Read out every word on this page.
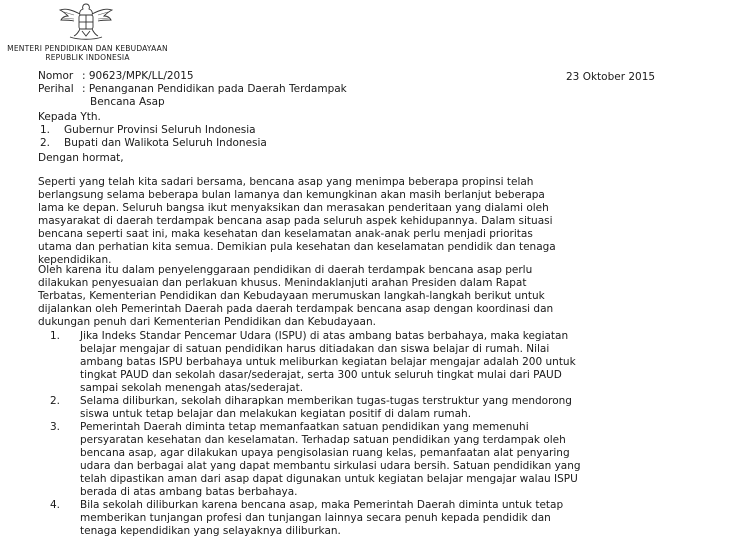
MENTERI PENDIDIKAN DAN KEBUDAYAAN
REPUBLIK INDONESIA
Nomor : 90623/MPK/LL/2015
Perihal : Penanganan Pendidikan pada Daerah Terdampak
Bencana Asap
23 Oktober 2015
Kepada Yth.
1. Gubernur Provinsi Seluruh Indonesia
2. Bupati dan Walikota Seluruh Indonesia
Dengan hormat,
Seperti yang telah kita sadari bersama, bencana asap yang menimpa beberapa propinsi telah
berlangsung selama beberapa bulan lamanya dan kemungkinan akan masih berlanjut beberapa
lama ke depan. Seluruh bangsa ikut menyaksikan dan merasakan penderitaan yang dialami oleh
masyarakat di daerah terdampak bencana asap pada seluruh aspek kehidupannya. Dalam situasi
bencana seperti saat ini, maka kesehatan dan keselamatan anak-anak perlu menjadi prioritas
utama dan perhatian kita semua. Demikian pula kesehatan dan keselamatan pendidik dan tenaga
kependidikan.
Oleh karena itu dalam penyelenggaraan pendidikan di daerah terdampak bencana asap perlu
dilakukan penyesuaian dan perlakuan khusus. Menindaklanjuti arahan Presiden dalam Rapat
Terbatas, Kementerian Pendidikan dan Kebudayaan merumuskan langkah-langkah berikut untuk
dijalankan oleh Pemerintah Daerah pada daerah terdampak bencana asap dengan koordinasi dan
dukungan penuh dari Kementerian Pendidikan dan Kebudayaan.
1. Jika Indeks Standar Pencemar Udara (ISPU) di atas ambang batas berbahaya, maka kegiatan
belajar mengajar di satuan pendidikan harus ditiadakan dan siswa belajar di rumah. Nilai
ambang batas ISPU berbahaya untuk meliburkan kegiatan belajar mengajar adalah 200 untuk
tingkat PAUD dan sekolah dasar/sederajat, serta 300 untuk seluruh tingkat mulai dari PAUD
sampai sekolah menengah atas/sederajat.
2. Selama diliburkan, sekolah diharapkan memberikan tugas-tugas terstruktur yang mendorong
siswa untuk tetap belajar dan melakukan kegiatan positif di dalam rumah.
3. Pemerintah Daerah diminta tetap memanfaatkan satuan pendidikan yang memenuhi
persyaratan kesehatan dan keselamatan. Terhadap satuan pendidikan yang terdampak oleh
bencana asap, agar dilakukan upaya pengisolasian ruang kelas, pemanfaatan alat penyaring
udara dan berbagai alat yang dapat membantu sirkulasi udara bersih. Satuan pendidikan yang
telah dipastikan aman dari asap dapat digunakan untuk kegiatan belajar mengajar walau ISPU
berada di atas ambang batas berbahaya.
4. Bila sekolah diliburkan karena bencana asap, maka Pemerintah Daerah diminta untuk tetap
memberikan tunjangan profesi dan tunjangan lainnya secara penuh kepada pendidik dan
tenaga kependidikan yang selayaknya diliburkan.
